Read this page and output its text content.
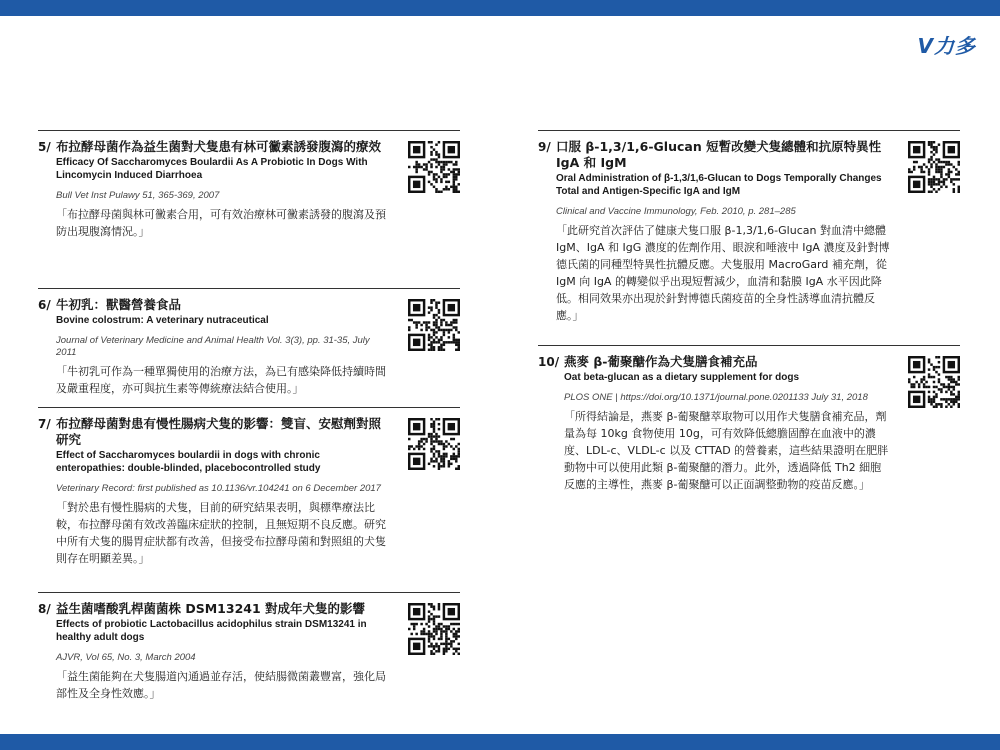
V力多
5/ 布拉酵母菌作為益生菌對犬隻患有林可黴素誘發腹瀉的療效
Efficacy Of Saccharomyces Boulardii As A Probiotic In Dogs With Lincomycin Induced Diarrhoea
Bull Vet Inst Pulawy 51, 365-369, 2007
「布拉酵母菌與林可黴素合用，可有效治療林可黴素誘發的腹瀉及預防出現腹瀉情況。」
6/ 牛初乳：獸醫營養食品
Bovine colostrum: A veterinary nutraceutical
Journal of Veterinary Medicine and Animal Health Vol. 3(3), pp. 31-35, July 2011
「牛初乳可作為一種單獨使用的治療方法，為已有感染降低持續時間及嚴重程度，亦可與抗生素等傳統療法結合使用。」
7/ 布拉酵母菌對患有慢性腸病犬隻的影響：雙盲、安慰劑對照研究
Effect of Saccharomyces boulardii in dogs with chronic enteropathies: double-blinded, placebocontrolled study
Veterinary Record: first published as 10.1136/vr.104241 on 6 December 2017
「對於患有慢性腸病的犬隻，目前的研究結果表明，與標準療法比較，布拉酵母菌有效改善臨床症狀的控制，且無短期不良反應。研究中所有犬隻的腸胃症狀都有改善，但接受布拉酵母菌和對照組的犬隻則存在明顯差異。」
8/ 益生菌嗜酸乳桿菌菌株 DSM13241 對成年犬隻的影響
Effects of probiotic Lactobacillus acidophilus strain DSM13241 in healthy adult dogs
AJVR, Vol 65, No. 3, March 2004
「益生菌能夠在犬隻腸道內通過並存活，使結腸微菌叢豐富，強化局部性及全身性效應。」
9/ 口服 β-1,3/1,6-Glucan 短暫改變犬隻總體和抗原特異性 IgA 和 IgM
Oral Administration of β-1,3/1,6-Glucan to Dogs Temporally Changes Total and Antigen-Specific IgA and IgM
Clinical and Vaccine Immunology, Feb. 2010, p. 281–285
「此研究首次評估了健康犬隻口服 β-1,3/1,6-Glucan 對血清中總體 IgM、IgA 和 IgG 濃度的佐劑作用、眼淚和唾液中 IgA 濃度及針對博德氏菌的同種型特異性抗體反應。犬隻服用 MacroGard 補充劑，從 IgM 向 IgA 的轉變似乎出現短暫減少，血清和黏膜 IgA 水平因此降低。相同效果亦出現於針對博德氏菌疫苗的全身性誘導血清抗體反應。」
10/ 燕麥 β-葡聚醣作為犬隻膳食補充品
Oat beta-glucan as a dietary supplement for dogs
PLOS ONE | https://doi.org/10.1371/journal.pone.0201133 July 31, 2018
「所得結論是，燕麥 β-葡聚醣萃取物可以用作犬隻膳食補充品，劑量為每 10kg 食物使用 10g，可有效降低總膽固醇在血液中的濃度、LDL-c、VLDL-c 以及 CTTAD 的營養素，這些結果證明在肥胖動物中可以使用此類 β-葡聚醣的潛力。此外，透過降低 Th2 細胞反應的主導性，燕麥 β-葡聚醣可以正面調整動物的疫苗反應。」
